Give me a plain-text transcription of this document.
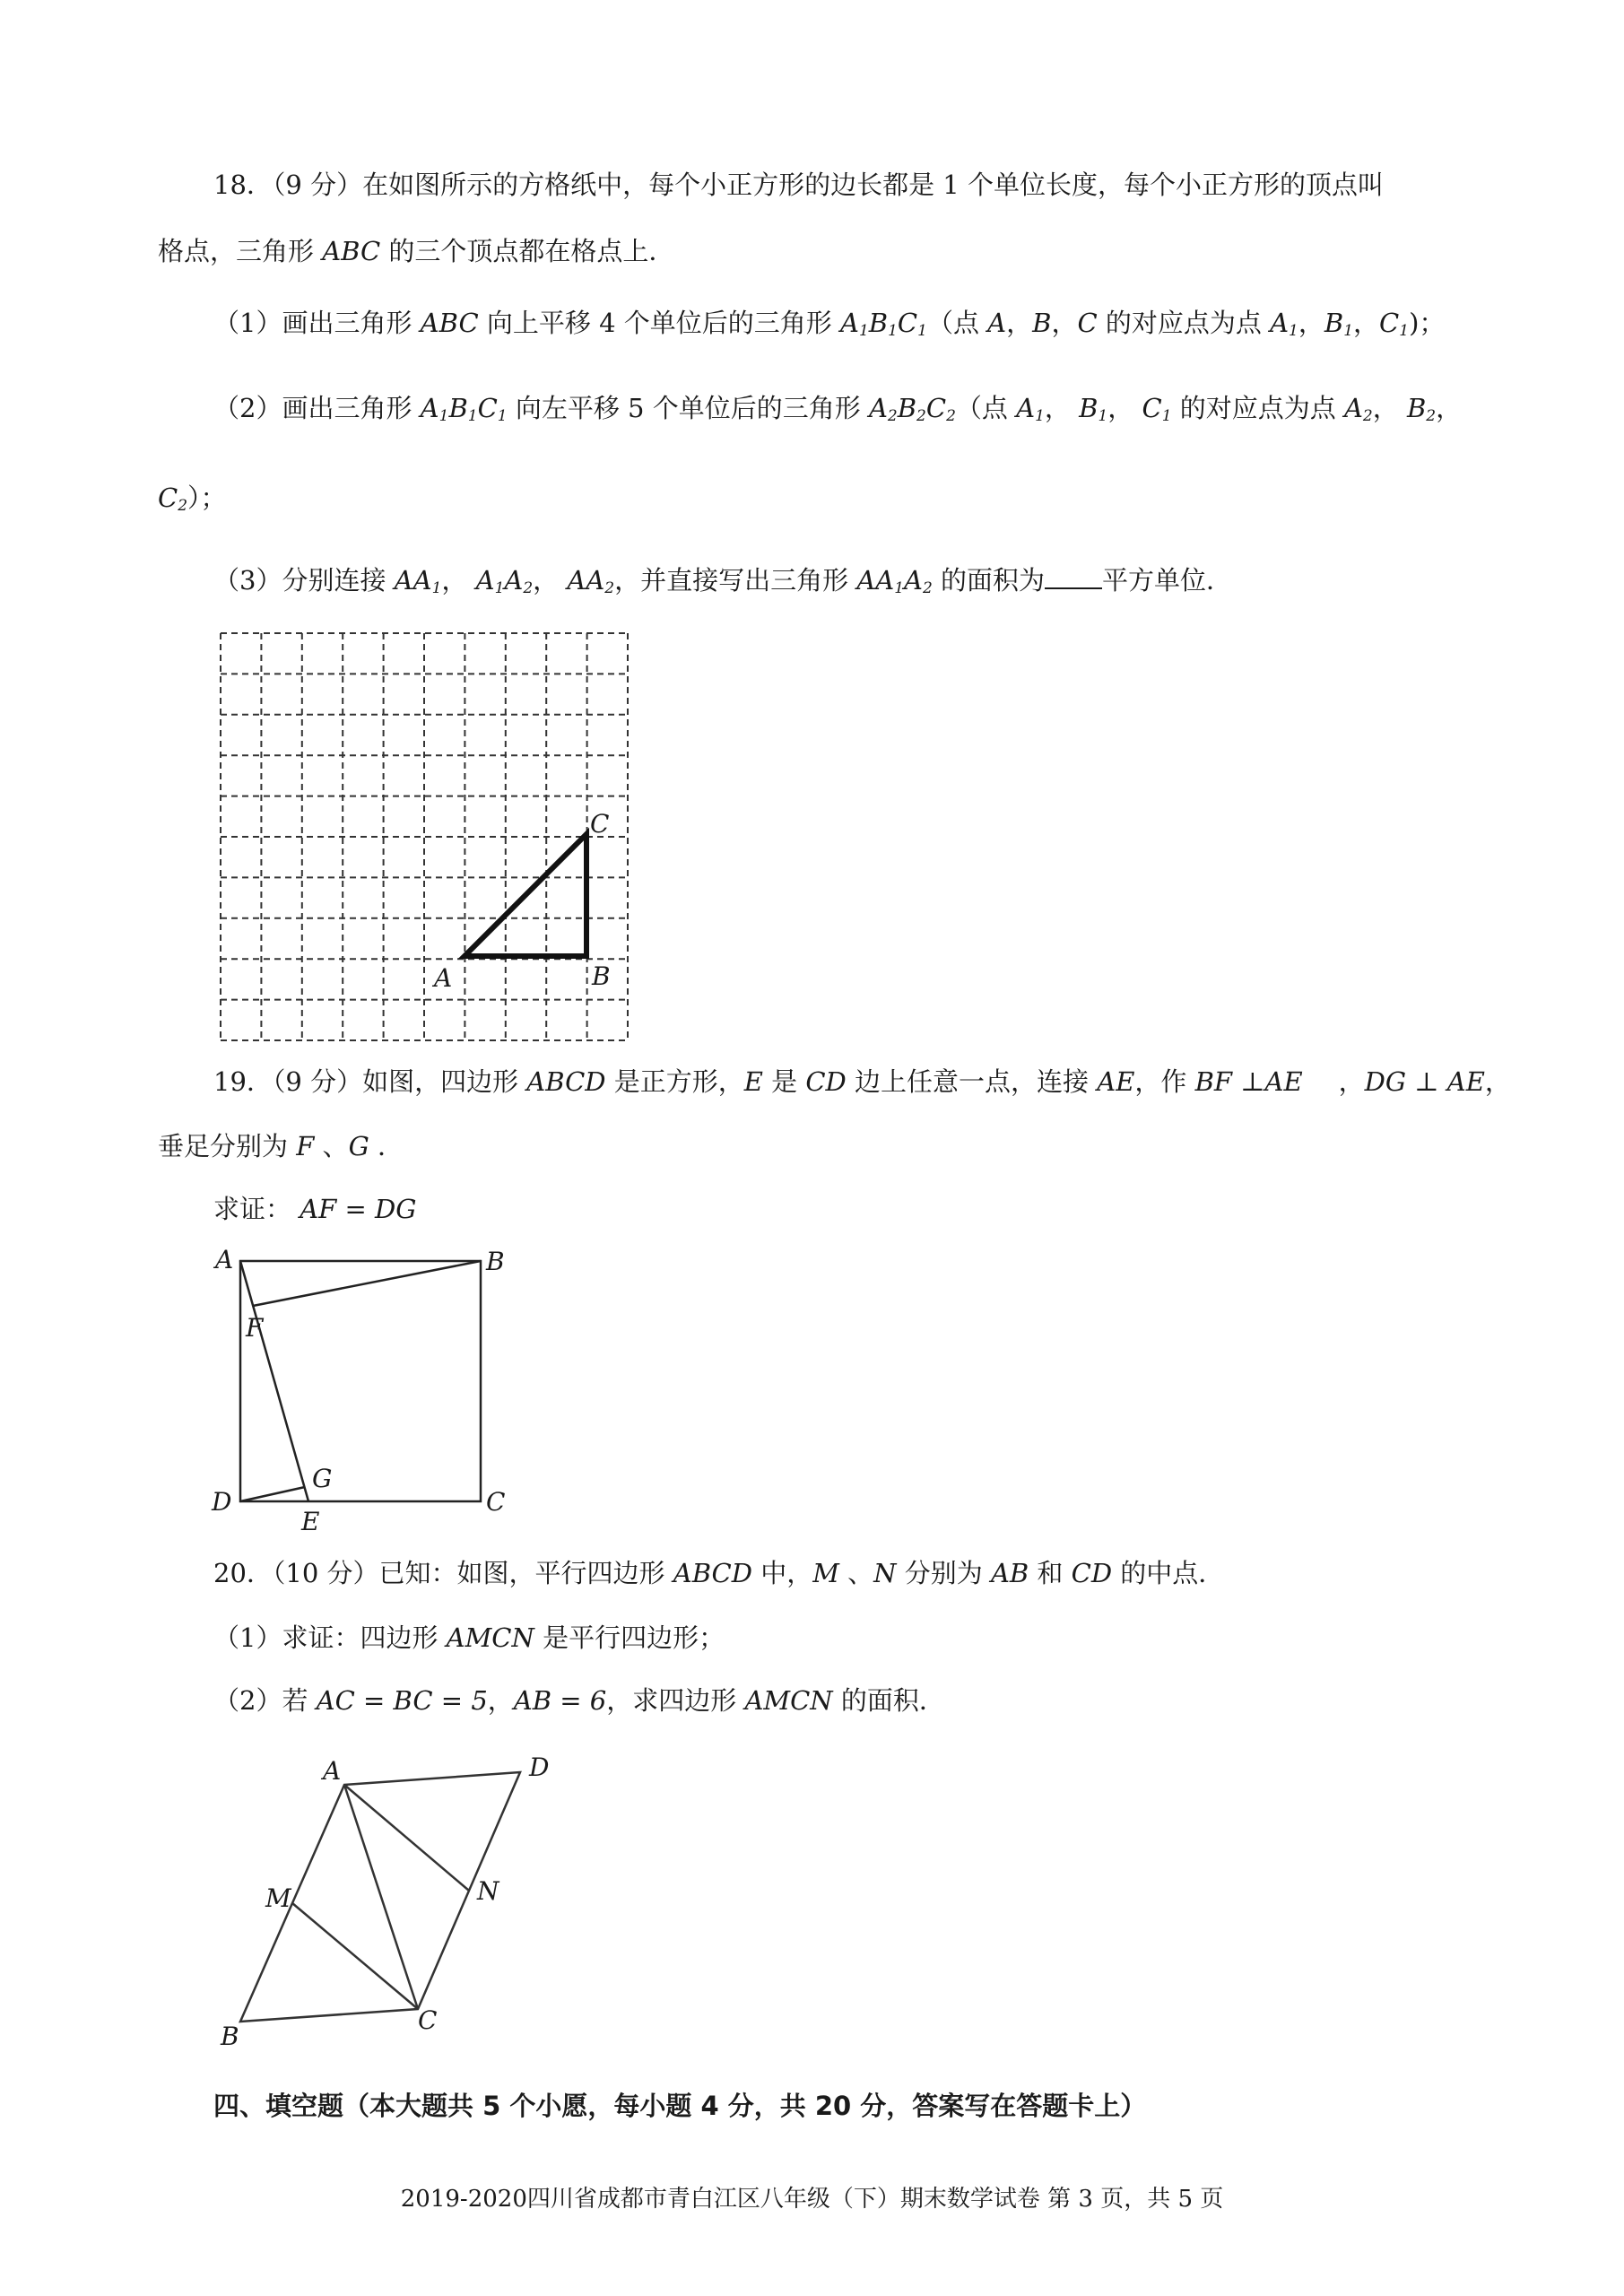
18．（9 分）在如图所示的方格纸中，每个小正方形的边长都是 1 个单位长度，每个小正方形的顶点叫
格点，三角形 ABC 的三个顶点都在格点上．
（1）画出三角形 ABC 向上平移 4 个单位后的三角形 $A_1B_1C_1$（点 A，B，C 的对应点为点 $A_1$，$B_1$，$C_1$)；
（2）画出三角形 $A_1B_1C_1$ 向左平移 5 个单位后的三角形 $A_2B_2C_2$（点 $A_1$， $B_1$， $C_1$ 的对应点为点 $A_2$， $B_2$，
$C_2$）；
（3）分别连接 $AA_1$， $A_1A_2$， $AA_2$，并直接写出三角形 $AA_1A_2$ 的面积为 平方单位．
A	B
C
19．（9 分）如图，四边形 ABCD 是正方形，E 是 CD 边上任意一点，连接 AE，作 BF ⊥AE ，DG ⊥ AE，
垂足分别为 F 、G ．
求证： AF = DG
A	B
C
D
E
F
G
20．（10 分）已知：如图，平行四边形 ABCD 中，M 、N 分别为 AB 和 CD 的中点．
（1）求证：四边形 AMCN 是平行四边形；
（2）若 AC = BC = 5，AB = 6，求四边形 AMCN 的面积．
A	D
M	N
B
C
四、填空题（本大题共 5 个小愿，每小题 4 分，共 20 分，答案写在答题卡上）
2019-2020四川省成都市青白江区八年级（下）期末数学试卷 第 3 页，共 5 页
